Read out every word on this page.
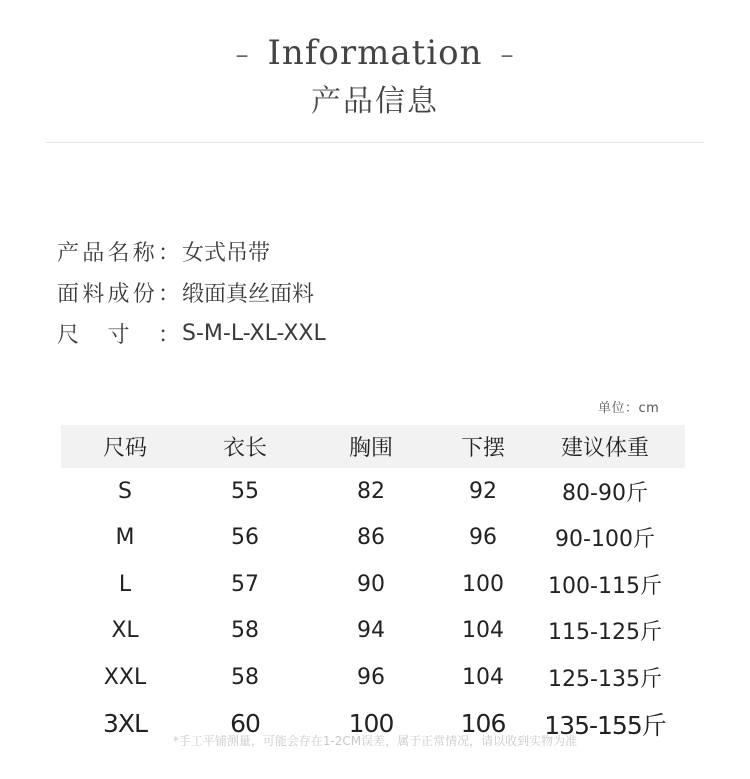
– Information –
产品信息
产 品 名 称 ： 女式吊带
面 料 成 份 ： 缎面真丝面料
尺 寸 ： S-M-L-XL-XXL
单位：cm
尺码	衣长	胸围	下摆	建议体重
S	55	82	92	80-90斤
M	56	86	96	90-100斤
L	57	90	100	100-115斤
XL	58	94	104	115-125斤
XXL	58	96	104	125-135斤
3XL	60	100	106	135-155斤
*手工平铺测量，可能会存在1-2CM误差，属于正常情况，请以收到实物为准
